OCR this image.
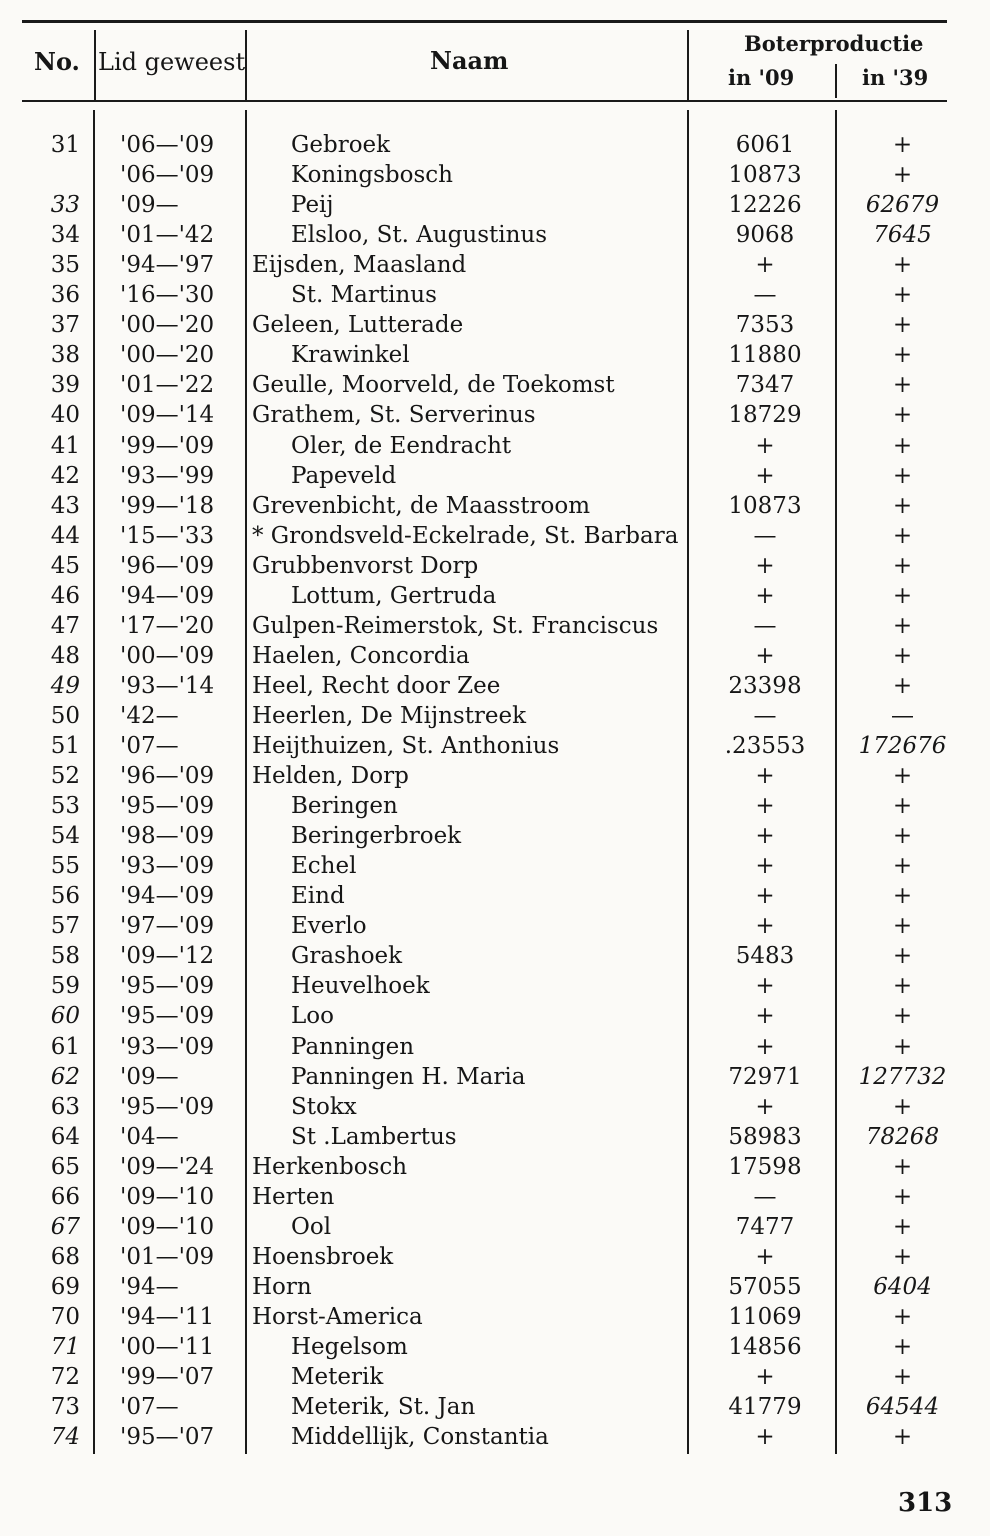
No. Lid geweest	Naam
Boterproductie
in '09	in '39
31 '06—'09	Gebroek	6061	+
'06—'09	Koningsbosch	10873	+
33 '09—	Peij	12226	62679
34 '01—'42	Elsloo, St. Augustinus	9068	7645
35 '94—'97	Eijsden, Maasland	+	+
36 '16—'30	St. Martinus	—	+
37 '00—'20	Geleen, Lutterade	7353	+
38 '00—'20	Krawinkel	11880	+
39 '01—'22	Geulle, Moorveld, de Toekomst	7347	+
40 '09—'14	Grathem, St. Serverinus	18729	+
41 '99—'09	Oler, de Eendracht	+	+
42 '93—'99	Papeveld	+	+
43 '99—'18	Grevenbicht, de Maasstroom	10873	+
44 '15—'33	* Grondsveld-Eckelrade, St. Barbara	—	+
45 '96—'09	Grubbenvorst Dorp	+	+
46 '94—'09	Lottum, Gertruda	+	+
47 '17—'20	Gulpen-Reimerstok, St. Franciscus	—	+
48 '00—'09	Haelen, Concordia	+	+
49 '93—'14	Heel, Recht door Zee	23398	+
50 '42—	Heerlen, De Mijnstreek	—	—
51 '07—	Heijthuizen, St. Anthonius	.23553	172676
52 '96—'09	Helden, Dorp	+	+
53 '95—'09	Beringen	+	+
54 '98—'09	Beringerbroek	+	+
55 '93—'09	Echel	+	+
56 '94—'09	Eind	+	+
57 '97—'09	Everlo	+	+
58 '09—'12	Grashoek	5483	+
59 '95—'09	Heuvelhoek	+	+
60 '95—'09	Loo	+	+
61 '93—'09	Panningen	+	+
62 '09—	Panningen H. Maria	72971	127732
63 '95—'09	Stokx	+	+
64 '04—	St .Lambertus	58983	78268
65 '09—'24	Herkenbosch	17598	+
66 '09—'10	Herten	—	+
67 '09—'10	Ool	7477	+
68 '01—'09	Hoensbroek	+	+
69 '94—	Horn	57055	6404
70 '94—'11	Horst-America	11069	+
71 '00—'11	Hegelsom	14856	+
72 '99—'07	Meterik	+	+
73 '07—	Meterik, St. Jan	41779	64544
74 '95—'07	Middellijk, Constantia	+	+
313
